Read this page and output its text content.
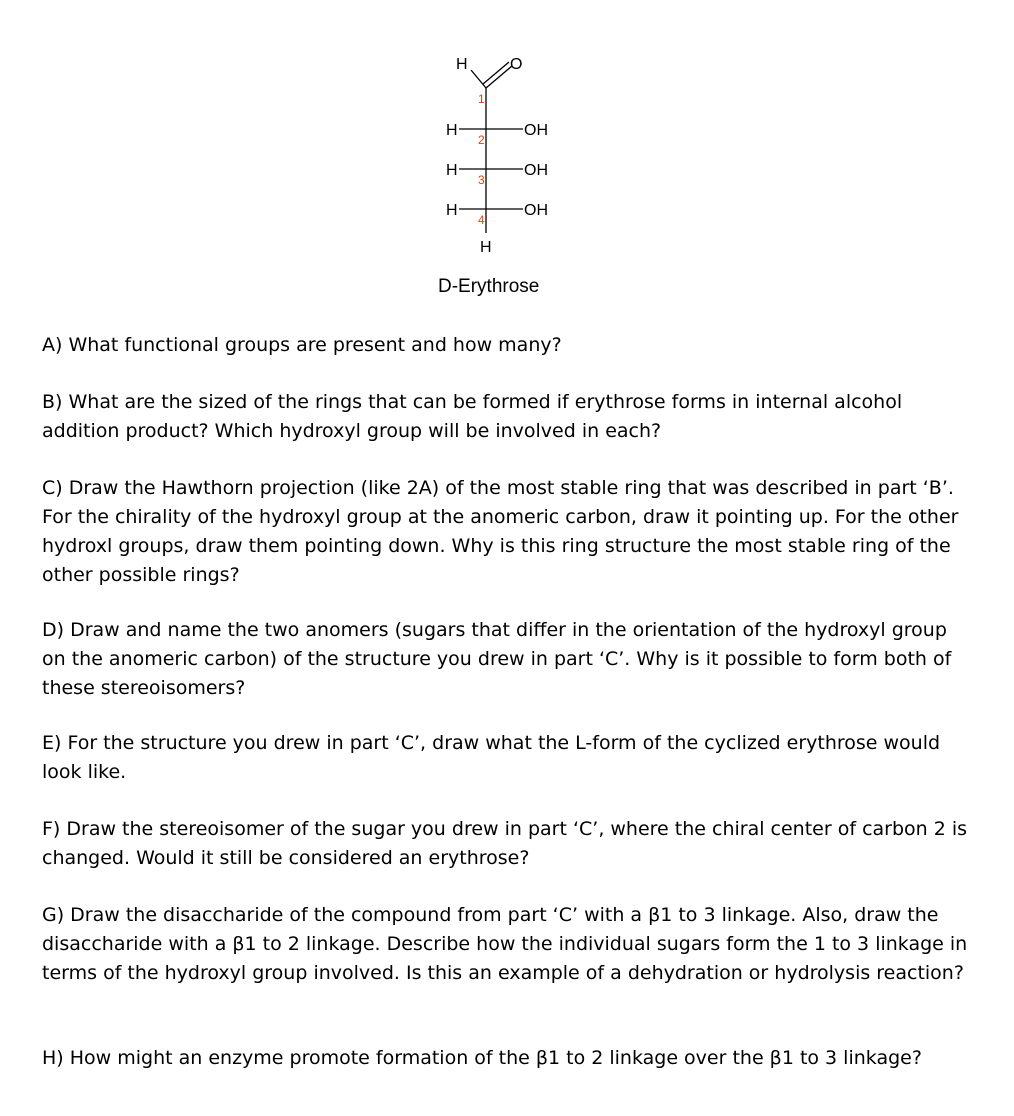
H	O
H	OH
H	OH
H	OH
H
1
2
3
4
D-Erythrose

A) What functional groups are present and how many?

B) What are the sized of the rings that can be formed if erythrose forms in internal alcohol addition product? Which hydroxyl group will be involved in each?

C) Draw the Hawthorn projection (like 2A) of the most stable ring that was described in part ‘B’. For the chirality of the hydroxyl group at the anomeric carbon, draw it pointing up. For the other hydroxl groups, draw them pointing down. Why is this ring structure the most stable ring of the other possible rings?

D) Draw and name the two anomers (sugars that differ in the orientation of the hydroxyl group on the anomeric carbon) of the structure you drew in part ‘C’. Why is it possible to form both of these stereoisomers?

E) For the structure you drew in part ‘C’, draw what the L-form of the cyclized erythrose would look like.

F) Draw the stereoisomer of the sugar you drew in part ‘C’, where the chiral center of carbon 2 is changed. Would it still be considered an erythrose?

G) Draw the disaccharide of the compound from part ‘C’ with a β1 to 3 linkage. Also, draw the disaccharide with a β1 to 2 linkage. Describe how the individual sugars form the 1 to 3 linkage in terms of the hydroxyl group involved. Is this an example of a dehydration or hydrolysis reaction?

H) How might an enzyme promote formation of the β1 to 2 linkage over the β1 to 3 linkage?
